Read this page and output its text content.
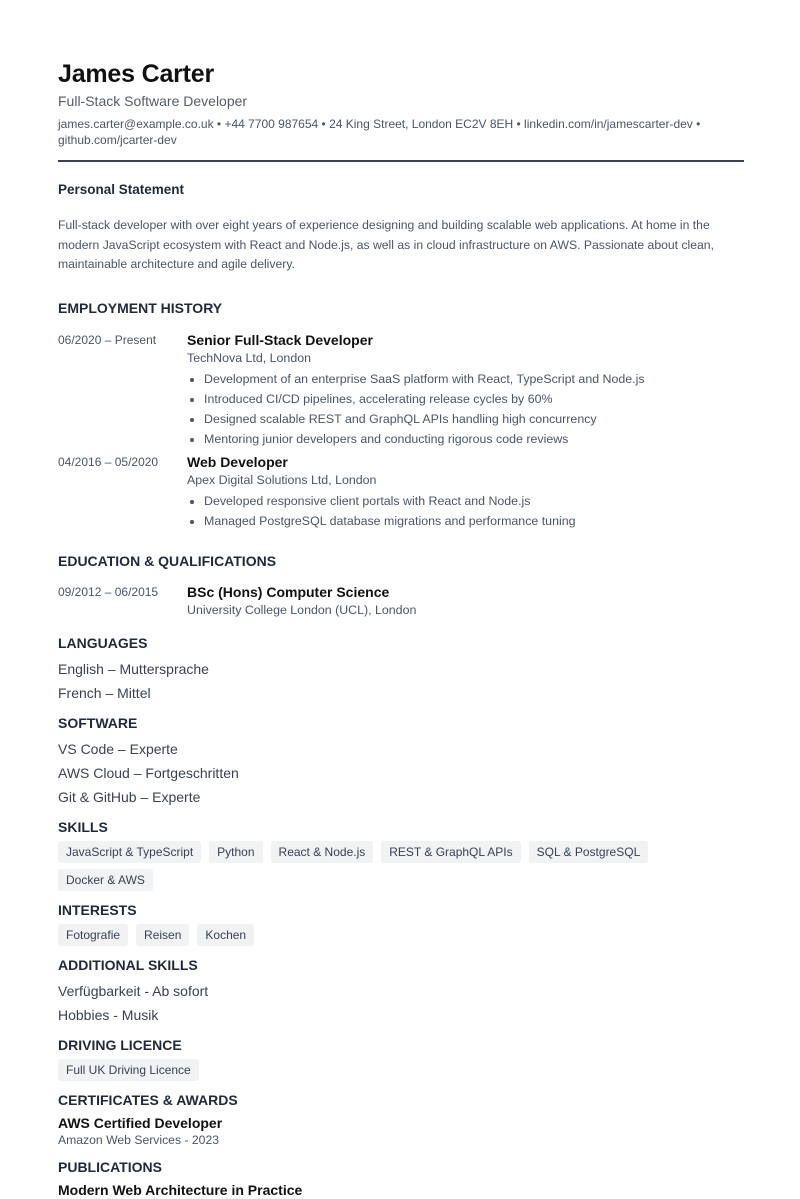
James Carter
Full-Stack Software Developer
james.carter@example.co.uk • +44 7700 987654 • 24 King Street, London EC2V 8EH • linkedin.com/in/jamescarter-dev • github.com/jcarter-dev
Personal Statement

Full-stack developer with over eight years of experience designing and building scalable web applications. At home in the modern JavaScript ecosystem with React and Node.js, as well as in cloud infrastructure on AWS. Passionate about clean, maintainable architecture and agile delivery.

EMPLOYMENT HISTORY
06/2020 – Present	Senior Full-Stack Developer
TechNova Ltd, London
Development of an enterprise SaaS platform with React, TypeScript and Node.js
Introduced CI/CD pipelines, accelerating release cycles by 60%
Designed scalable REST and GraphQL APIs handling high concurrency
Mentoring junior developers and conducting rigorous code reviews
04/2016 – 05/2020	Web Developer
Apex Digital Solutions Ltd, London
Developed responsive client portals with React and Node.js
Managed PostgreSQL database migrations and performance tuning
EDUCATION & QUALIFICATIONS
09/2012 – 06/2015	BSc (Hons) Computer Science
University College London (UCL), London
LANGUAGES
English – Muttersprache
French – Mittel
SOFTWARE
VS Code – Experte
AWS Cloud – Fortgeschritten
Git & GitHub – Experte
SKILLS
JavaScript & TypeScript	Python	React & Node.js	REST & GraphQL APIs	SQL & PostgreSQL
Docker & AWS
INTERESTS
Fotografie	Reisen	Kochen
ADDITIONAL SKILLS
Verfügbarkeit - Ab sofort
Hobbies - Musik
DRIVING LICENCE
Full UK Driving Licence
CERTIFICATES & AWARDS
AWS Certified Developer
Amazon Web Services - 2023
PUBLICATIONS
Modern Web Architecture in Practice
